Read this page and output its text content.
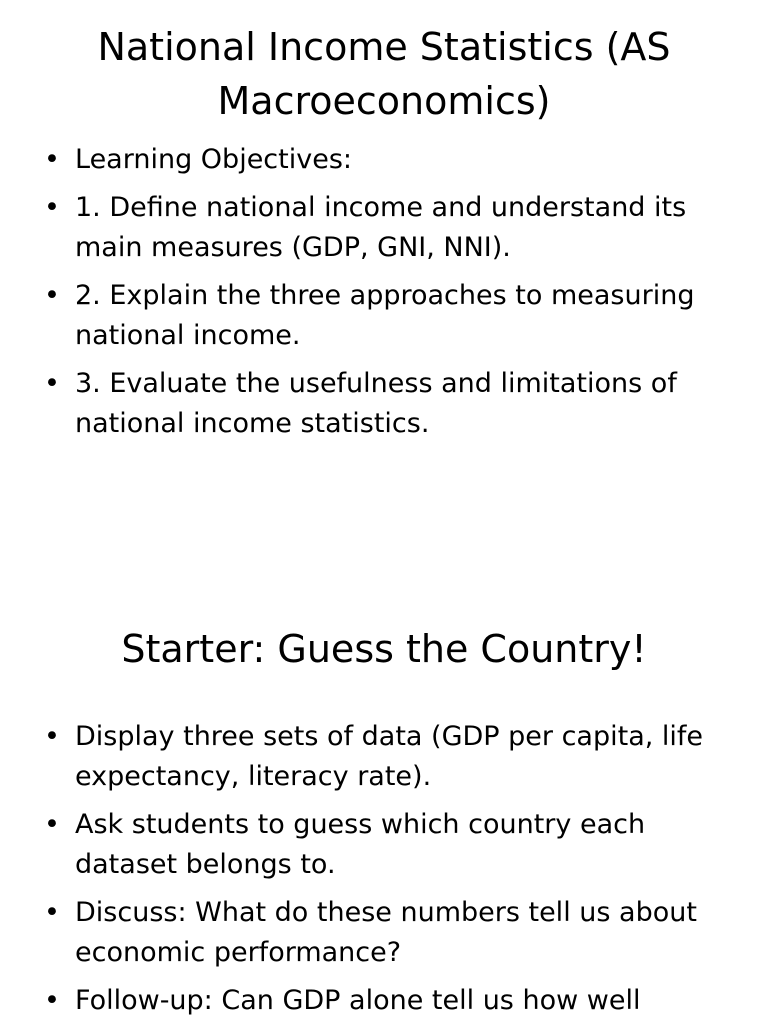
National Income Statistics (AS Macroeconomics)
• Learning Objectives:
• 1. Define national income and understand its main measures (GDP, GNI, NNI).
• 2. Explain the three approaches to measuring national income.
• 3. Evaluate the usefulness and limitations of national income statistics.
Starter: Guess the Country!
• Display three sets of data (GDP per capita, life expectancy, literacy rate).
• Ask students to guess which country each dataset belongs to.
• Discuss: What do these numbers tell us about economic performance?
• Follow-up: Can GDP alone tell us how well
